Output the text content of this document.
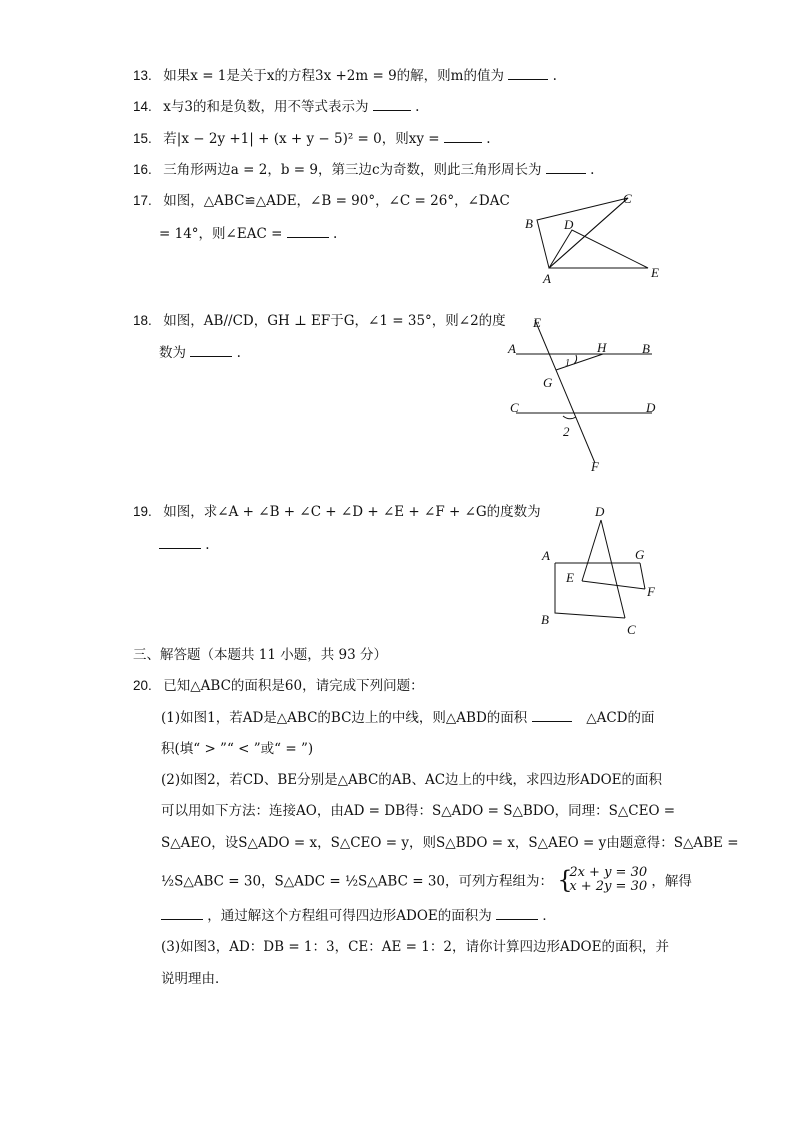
13. 如果x = 1是关于x的方程3x +2m = 9的解，则m的值为	.
14. x与3的和是负数，用不等式表示为	.
15. 若|x − 2y +1| + (x + y − 5)² = 0，则xy =	.
16. 三角形两边a = 2，b = 9，第三边c为奇数，则此三角形周长为	.
17. 如图，△ABC≌△ADE，∠B = 90°，∠C = 26°，∠DAC
= 14°，则∠EAC =	.
B
C
D
A	E
18. 如图，AB//CD，GH ⊥ EF于G，∠1 = 35°，则∠2的度
数为	.
E
A	H	B
1
G
C	D
2
F
19. 如图，求∠A + ∠B + ∠C + ∠D + ∠E + ∠F + ∠G的度数为
.
D
A	G
E
F
B
C
三、解答题（本题共 11 小题，共 93 分）
20. 已知△ABC的面积是60，请完成下列问题：
(1)如图1，若AD是△ABC的BC边上的中线，则△ABD的面积	△ACD的面
积(填“ > ”“ < ”或“ = ”)
(2)如图2，若CD、BE分别是△ABC的AB、AC边上的中线，求四边形ADOE的面积
可以用如下方法：连接AO，由AD = DB得：S△ADO = S△BDO，同理：S△CEO =
S△AEO，设S△ADO = x，S△CEO = y，则S△BDO = x，S△AEO = y由题意得：S△ABE =
½S△ABC = 30，S△ADC = ½S△ABC = 30，可列方程组为： {
2x + y = 30
x + 2y = 30 ，解得
，通过解这个方程组可得四边形ADOE的面积为	．
(3)如图3，AD：DB = 1：3，CE：AE = 1：2，请你计算四边形ADOE的面积，并
说明理由．
